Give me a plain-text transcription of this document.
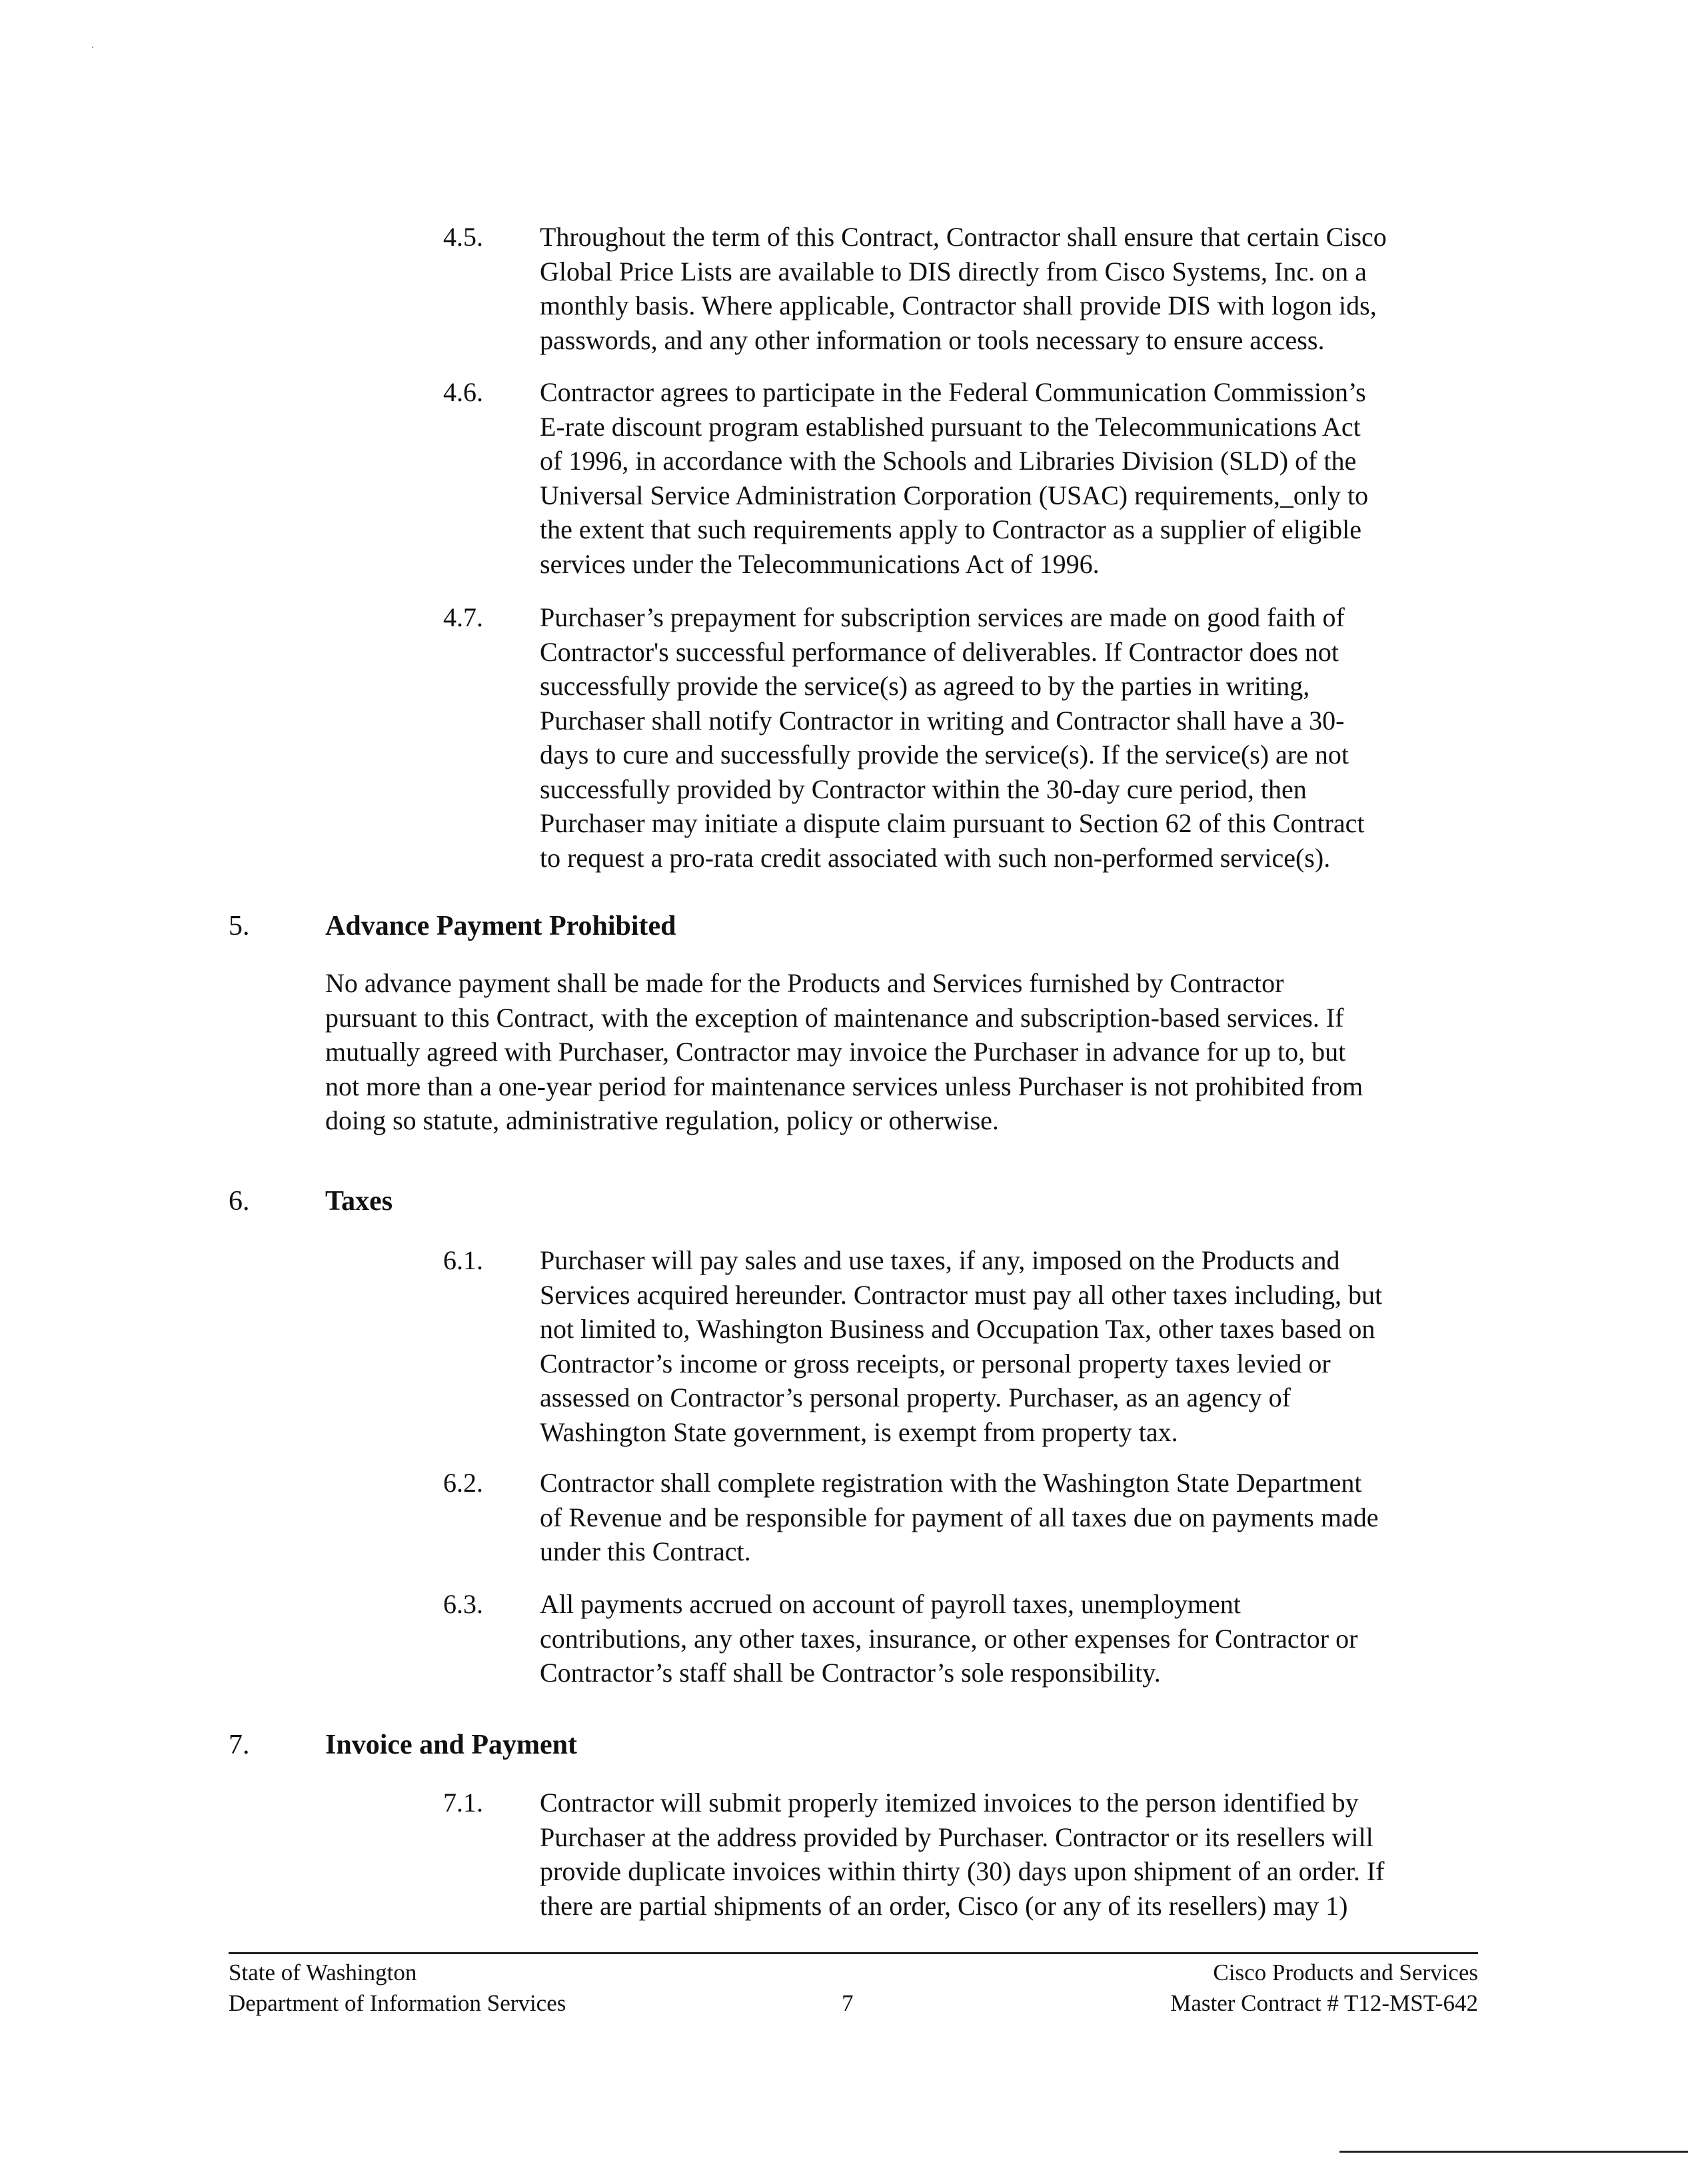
4.5. Throughout the term of this Contract, Contractor shall ensure that certain Cisco
Global Price Lists are available to DIS directly from Cisco Systems, Inc. on a
monthly basis. Where applicable, Contractor shall provide DIS with logon ids,
passwords, and any other information or tools necessary to ensure access.
4.6. Contractor agrees to participate in the Federal Communication Commission’s
E-rate discount program established pursuant to the Telecommunications Act
of 1996, in accordance with the Schools and Libraries Division (SLD) of the
Universal Service Administration Corporation (USAC) requirements,_only to
the extent that such requirements apply to Contractor as a supplier of eligible
services under the Telecommunications Act of 1996.
4.7. Purchaser’s prepayment for subscription services are made on good faith of
Contractor's successful performance of deliverables. If Contractor does not
successfully provide the service(s) as agreed to by the parties in writing,
Purchaser shall notify Contractor in writing and Contractor shall have a 30-
days to cure and successfully provide the service(s). If the service(s) are not
successfully provided by Contractor within the 30-day cure period, then
Purchaser may initiate a dispute claim pursuant to Section 62 of this Contract
to request a pro-rata credit associated with such non-performed service(s).
5.	Advance Payment Prohibited
No advance payment shall be made for the Products and Services furnished by Contractor
pursuant to this Contract, with the exception of maintenance and subscription-based services. If
mutually agreed with Purchaser, Contractor may invoice the Purchaser in advance for up to, but
not more than a one-year period for maintenance services unless Purchaser is not prohibited from
doing so statute, administrative regulation, policy or otherwise.
6.	Taxes
6.1. Purchaser will pay sales and use taxes, if any, imposed on the Products and
Services acquired hereunder. Contractor must pay all other taxes including, but
not limited to, Washington Business and Occupation Tax, other taxes based on
Contractor’s income or gross receipts, or personal property taxes levied or
assessed on Contractor’s personal property. Purchaser, as an agency of
Washington State government, is exempt from property tax.
6.2. Contractor shall complete registration with the Washington State Department
of Revenue and be responsible for payment of all taxes due on payments made
under this Contract.
6.3. All payments accrued on account of payroll taxes, unemployment
contributions, any other taxes, insurance, or other expenses for Contractor or
Contractor’s staff shall be Contractor’s sole responsibility.
7.	Invoice and Payment
7.1. Contractor will submit properly itemized invoices to the person identified by
Purchaser at the address provided by Purchaser. Contractor or its resellers will
provide duplicate invoices within thirty (30) days upon shipment of an order. If
there are partial shipments of an order, Cisco (or any of its resellers) may 1)
State of Washington
Department of Information Services	7
Cisco Products and Services
Master Contract # T12-MST-642
